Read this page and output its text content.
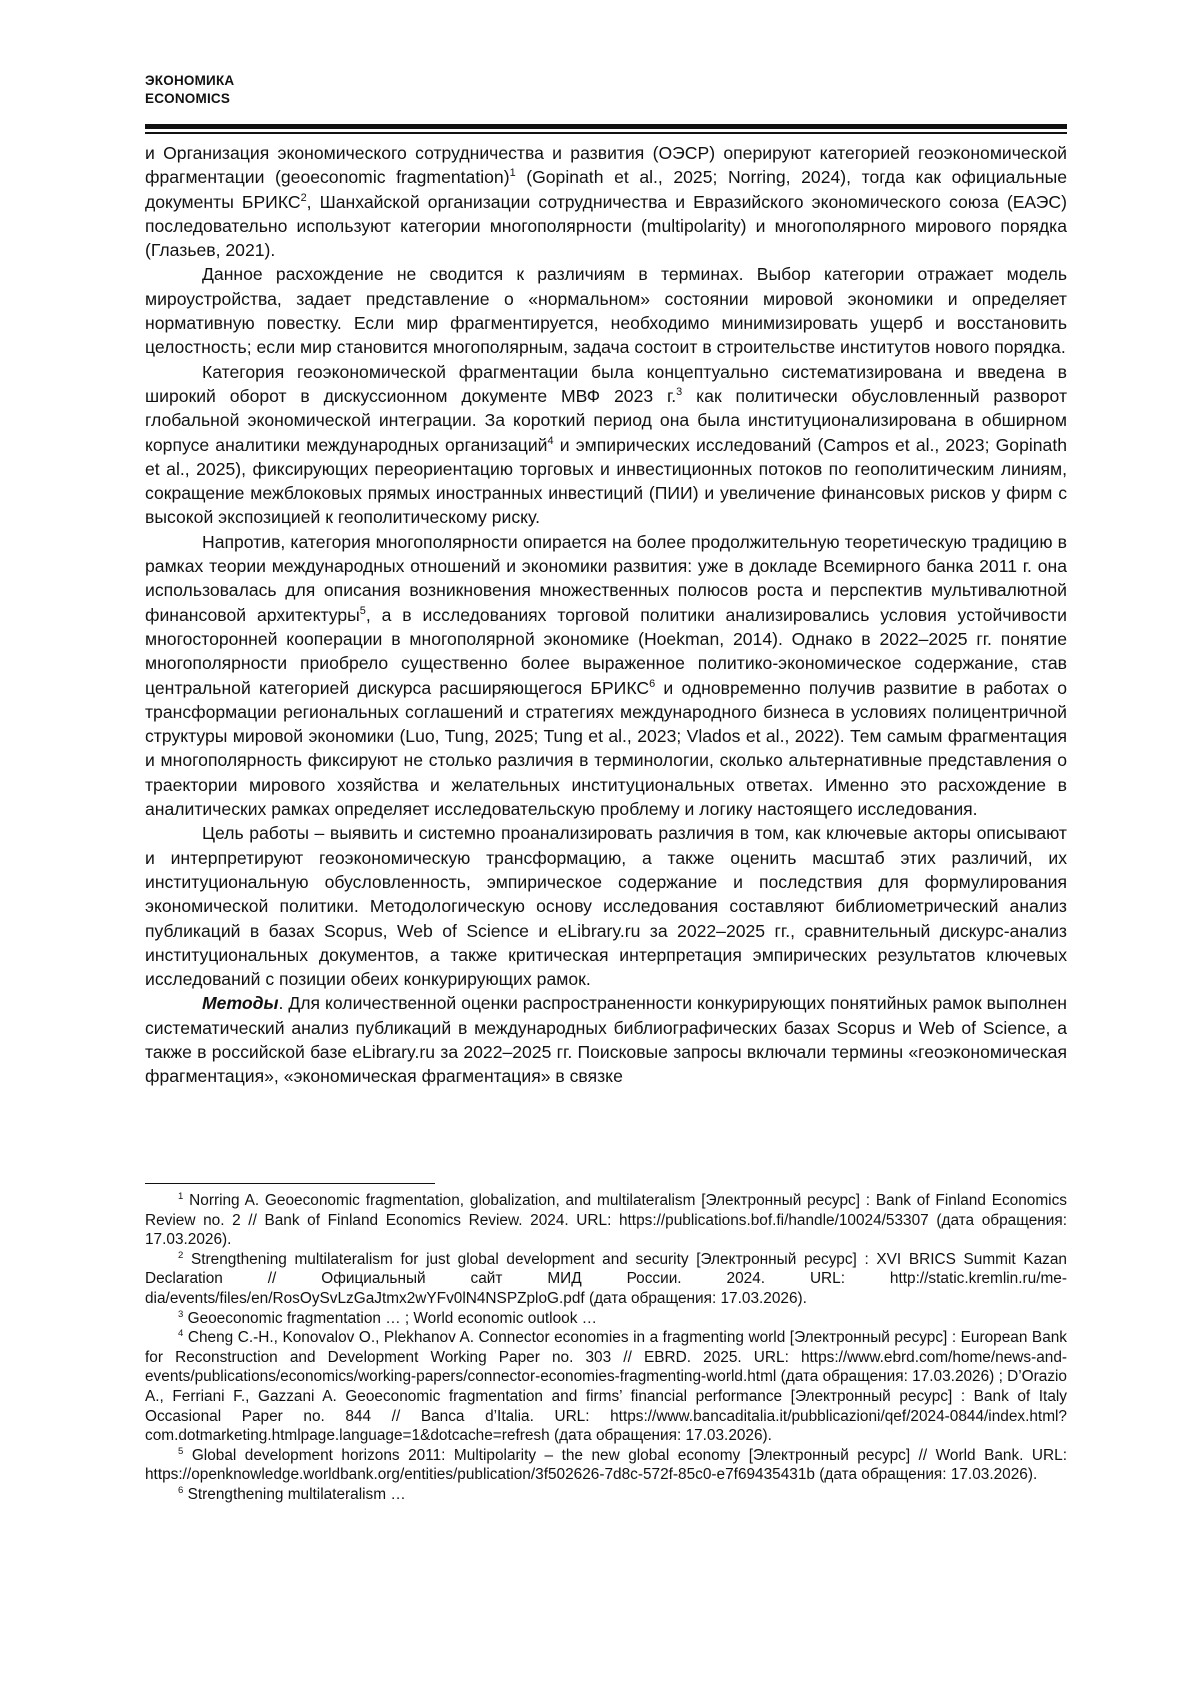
ЭКОНОМИКА
ECONOMICS

и Организация экономического сотрудничества и развития (ОЭСР) оперируют категорией геоэкономической фрагментации (geoeconomic fragmentation)$^1$ (Gopinath et al., 2025; Norring, 2024), тогда как официальные документы БРИКС$^2$, Шанхайской организации сотрудничества и Евразийского экономического союза (ЕАЭС) последовательно используют категории многополярности (multipolarity) и многополярного мирового порядка (Глазьев, 2021).

Данное расхождение не сводится к различиям в терминах. Выбор категории отражает модель мироустройства, задает представление о «нормальном» состоянии мировой экономики и определяет нормативную повестку. Если мир фрагментируется, необходимо минимизировать ущерб и восстановить целостность; если мир становится многополярным, задача состоит в строительстве институтов нового порядка.

Категория геоэкономической фрагментации была концептуально систематизирована и введена в широкий оборот в дискуссионном документе МВФ 2023 г.$^3$ как политически обусловленный разворот глобальной экономической интеграции. За короткий период она была институционализирована в обширном корпусе аналитики международных организаций$^4$ и эмпирических исследований (Campos et al., 2023; Gopinath et al., 2025), фиксирующих переориентацию торговых и инвестиционных потоков по геополитическим линиям, сокращение межблоковых прямых иностранных инвестиций (ПИИ) и увеличение финансовых рисков у фирм с высокой экспозицией к геополитическому риску.

Напротив, категория многополярности опирается на более продолжительную теоретическую традицию в рамках теории международных отношений и экономики развития: уже в докладе Всемирного банка 2011 г. она использовалась для описания возникновения множественных полюсов роста и перспектив мультивалютной финансовой архитектуры$^5$, а в исследованиях торговой политики анализировались условия устойчивости многосторонней кооперации в многополярной экономике (Hoekman, 2014). Однако в 2022–2025 гг. понятие многополярности приобрело существенно более выраженное политико-экономическое содержание, став центральной категорией дискурса расширяющегося БРИКС$^6$ и одновременно получив развитие в работах о трансформации региональных соглашений и стратегиях международного бизнеса в условиях полицентричной структуры мировой экономики (Luo, Tung, 2025; Tung et al., 2023; Vlados et al., 2022). Тем самым фрагментация и многополярность фиксируют не столько различия в терминологии, сколько альтернативные представления о траектории мирового хозяйства и желательных институциональных ответах. Именно это расхождение в аналитических рамках определяет исследовательскую проблему и логику настоящего исследования.

Цель работы – выявить и системно проанализировать различия в том, как ключевые акторы описывают и интерпретируют геоэкономическую трансформацию, а также оценить масштаб этих различий, их институциональную обусловленность, эмпирическое содержание и последствия для формулирования экономической политики. Методологическую основу исследования составляют библиометрический анализ публикаций в базах Scopus, Web of Science и eLibrary.ru за 2022–2025 гг., сравнительный дискурс-анализ институциональных документов, а также критическая интерпретация эмпирических результатов ключевых исследований с позиции обеих конкурирующих рамок.

Методы. Для количественной оценки распространенности конкурирующих понятийных рамок выполнен систематический анализ публикаций в международных библиографических базах Scopus и Web of Science, а также в российской базе eLibrary.ru за 2022–2025 гг. Поисковые запросы включали термины «геоэкономическая фрагментация», «экономическая фрагментация» в связке

$^1$ Norring A. Geoeconomic fragmentation, globalization, and multilateralism [Электронный ресурс] : Bank of Finland Economics Review no. 2 // Bank of Finland Economics Review. 2024. URL: https://publications.bof.fi/handle/10024/53307 (дата обращения: 17.03.2026).

$^2$ Strengthening multilateralism for just global development and security [Электронный ресурс] : XVI BRICS Summit Kazan Declaration // Официальный сайт МИД России. 2024. URL: http://static.kremlin.ru/media/events/files/en/RosOySvLzGaJtmx2wYFv0lN4NSPZploG.pdf (дата обращения: 17.03.2026).

$^3$ Geoeconomic fragmentation … ; World economic outlook …

$^4$ Cheng C.-H., Konovalov O., Plekhanov A. Connector economies in a fragmenting world [Электронный ресурс] : European Bank for Reconstruction and Development Working Paper no. 303 // EBRD. 2025. URL: https://www.ebrd.com/home/news-and-events/publications/economics/working-papers/connector-economies-fragmenting-world.html (дата обращения: 17.03.2026) ; D’Orazio A., Ferriani F., Gazzani A. Geoeconomic fragmentation and firms’ financial performance [Электронный ресурс] : Bank of Italy Occasional Paper no. 844 // Banca d’Italia. URL: https://www.bancaditalia.it/pubblicazioni/qef/2024-0844/index.html?com.dotmarketing.htmlpage.language=1&dotcache=refresh (дата обращения: 17.03.2026).

$^5$ Global development horizons 2011: Multipolarity – the new global economy [Электронный ресурс] // World Bank. URL: https://openknowledge.worldbank.org/entities/publication/3f502626-7d8c-572f-85c0-e7f69435431b (дата обращения: 17.03.2026).

$^6$ Strengthening multilateralism …
